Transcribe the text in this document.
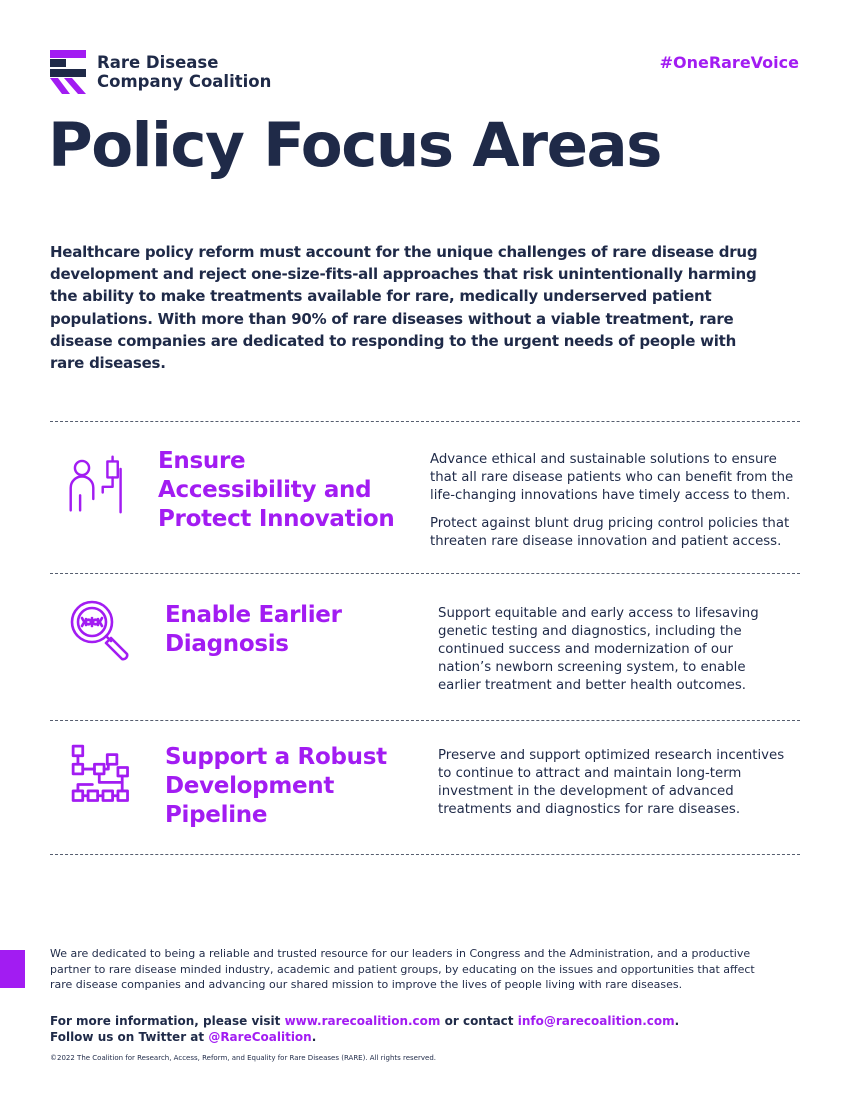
Rare Disease
Company Coalition
#OneRareVoice
Policy Focus Areas

Healthcare policy reform must account for the unique challenges of rare disease drug development and reject one-size-fits-all approaches that risk unintentionally harming the ability to make treatments available for rare, medically underserved patient populations. With more than 90% of rare diseases without a viable treatment, rare disease companies are dedicated to responding to the urgent needs of people with rare diseases.

Ensure
Accessibility and
Protect Innovation

Advance ethical and sustainable solutions to ensure that all rare disease patients who can benefit from the life-changing innovations have timely access to them.

Protect against blunt drug pricing control policies that threaten rare disease innovation and patient access.

Enable Earlier
Diagnosis

Support equitable and early access to lifesaving genetic testing and diagnostics, including the continued success and modernization of our nation’s newborn screening system, to enable earlier treatment and better health outcomes.

Support a Robust
Development
Pipeline

Preserve and support optimized research incentives to continue to attract and maintain long-term investment in the development of advanced treatments and diagnostics for rare diseases.

We are dedicated to being a reliable and trusted resource for our leaders in Congress and the Administration, and a productive partner to rare disease minded industry, academic and patient groups, by educating on the issues and opportunities that affect rare disease companies and advancing our shared mission to improve the lives of people living with rare diseases.

For more information, please visit www.rarecoalition.com or contact info@rarecoalition.com.
Follow us on Twitter at @RareCoalition.

©2022 The Coalition for Research, Access, Reform, and Equality for Rare Diseases (RARE). All rights reserved.
